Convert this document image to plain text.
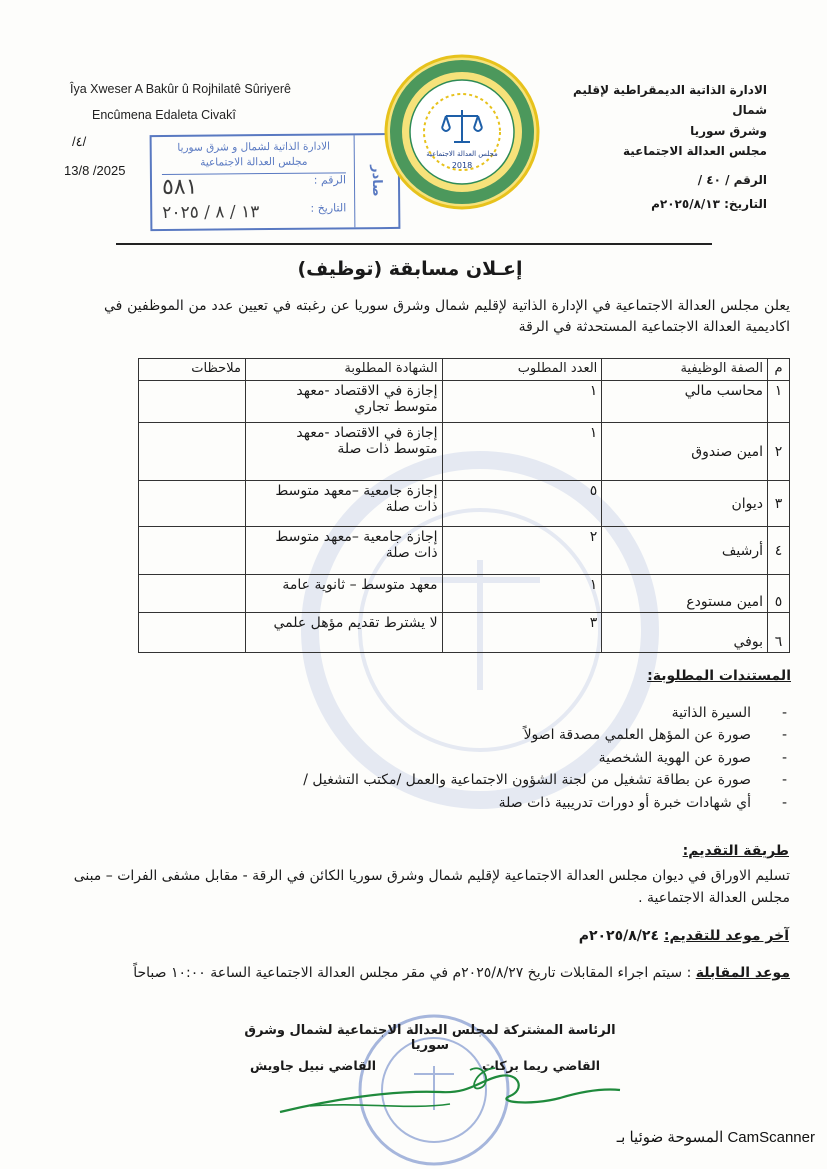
Îya Xweser A Bakûr û Rojhilatê Sûriyerê
Encûmena Edaleta Civakî
/٤/
13/8 /2025
الادارة الذاتية الديمقراطية لإقليم شمال
وشرق سوريا
مجلس العدالة الاجتماعية
الرقم / ٤٠ /
التاريخ: ٢٠٢٥/٨/١٣م
الادارة الذاتية لشمال و شرق سوريا
مجلس العدالة الاجتماعية
الرقم :
٥٨١
التاريخ :
١٣ / ٨ / ٢٠٢٥
صادر
مجلس العدالة الاجتماعية
2018
إعـلان مسابقة (توظيف)
يعلن مجلس العدالة الاجتماعية في الإدارة الذاتية لإقليم شمال وشرق سوريا عن رغبته في تعيين عدد من الموظفين في اكاديمية العدالة الاجتماعية المستحدثة في الرقة
م	الصفة الوظيفية	العدد المطلوب	الشهادة المطلوبة	ملاحظات
١	محاسب مالي	١	إجازة في الاقتصاد -معهد متوسط تجاري	
٢	امين صندوق	١	إجازة في الاقتصاد -معهد متوسط ذات صلة	
٣	ديوان	٥	إجازة جامعية –معهد متوسط ذات صلة	
٤	أرشيف	٢	إجازة جامعية –معهد متوسط ذات صلة	
٥	امين مستودع	١	معهد متوسط – ثانوية عامة	
٦	بوفي	٣	لا يشترط تقديم مؤهل علمي	
المستندات المطلوبة:
- السيرة الذاتية
- صورة عن المؤهل العلمي مصدقة اصولاً
- صورة عن الهوية الشخصية
- صورة عن بطاقة تشغيل من لجنة الشؤون الاجتماعية والعمل /مكتب التشغيل /
- أي شهادات خبرة أو دورات تدريبية ذات صلة
طريقة التقديم:
تسليم الاوراق في ديوان مجلس العدالة الاجتماعية لإقليم شمال وشرق سوريا الكائن في الرقة - مقابل مشفى الفرات – مبنى مجلس العدالة الاجتماعية .
آخر موعد للتقديم: ٢٠٢٥/٨/٢٤م
موعد المقابلة : سيتم اجراء المقابلات تاريخ ٢٠٢٥/٨/٢٧م في مقر مجلس العدالة الاجتماعية الساعة ١٠:٠٠ صباحاً
الرئاسة المشتركة لمجلس العدالة الاجتماعية لشمال وشرق سوريا
القاضي ريما بركات
القاضي نبيل جاويش
المسوحة ضوئيا بـ CamScanner
